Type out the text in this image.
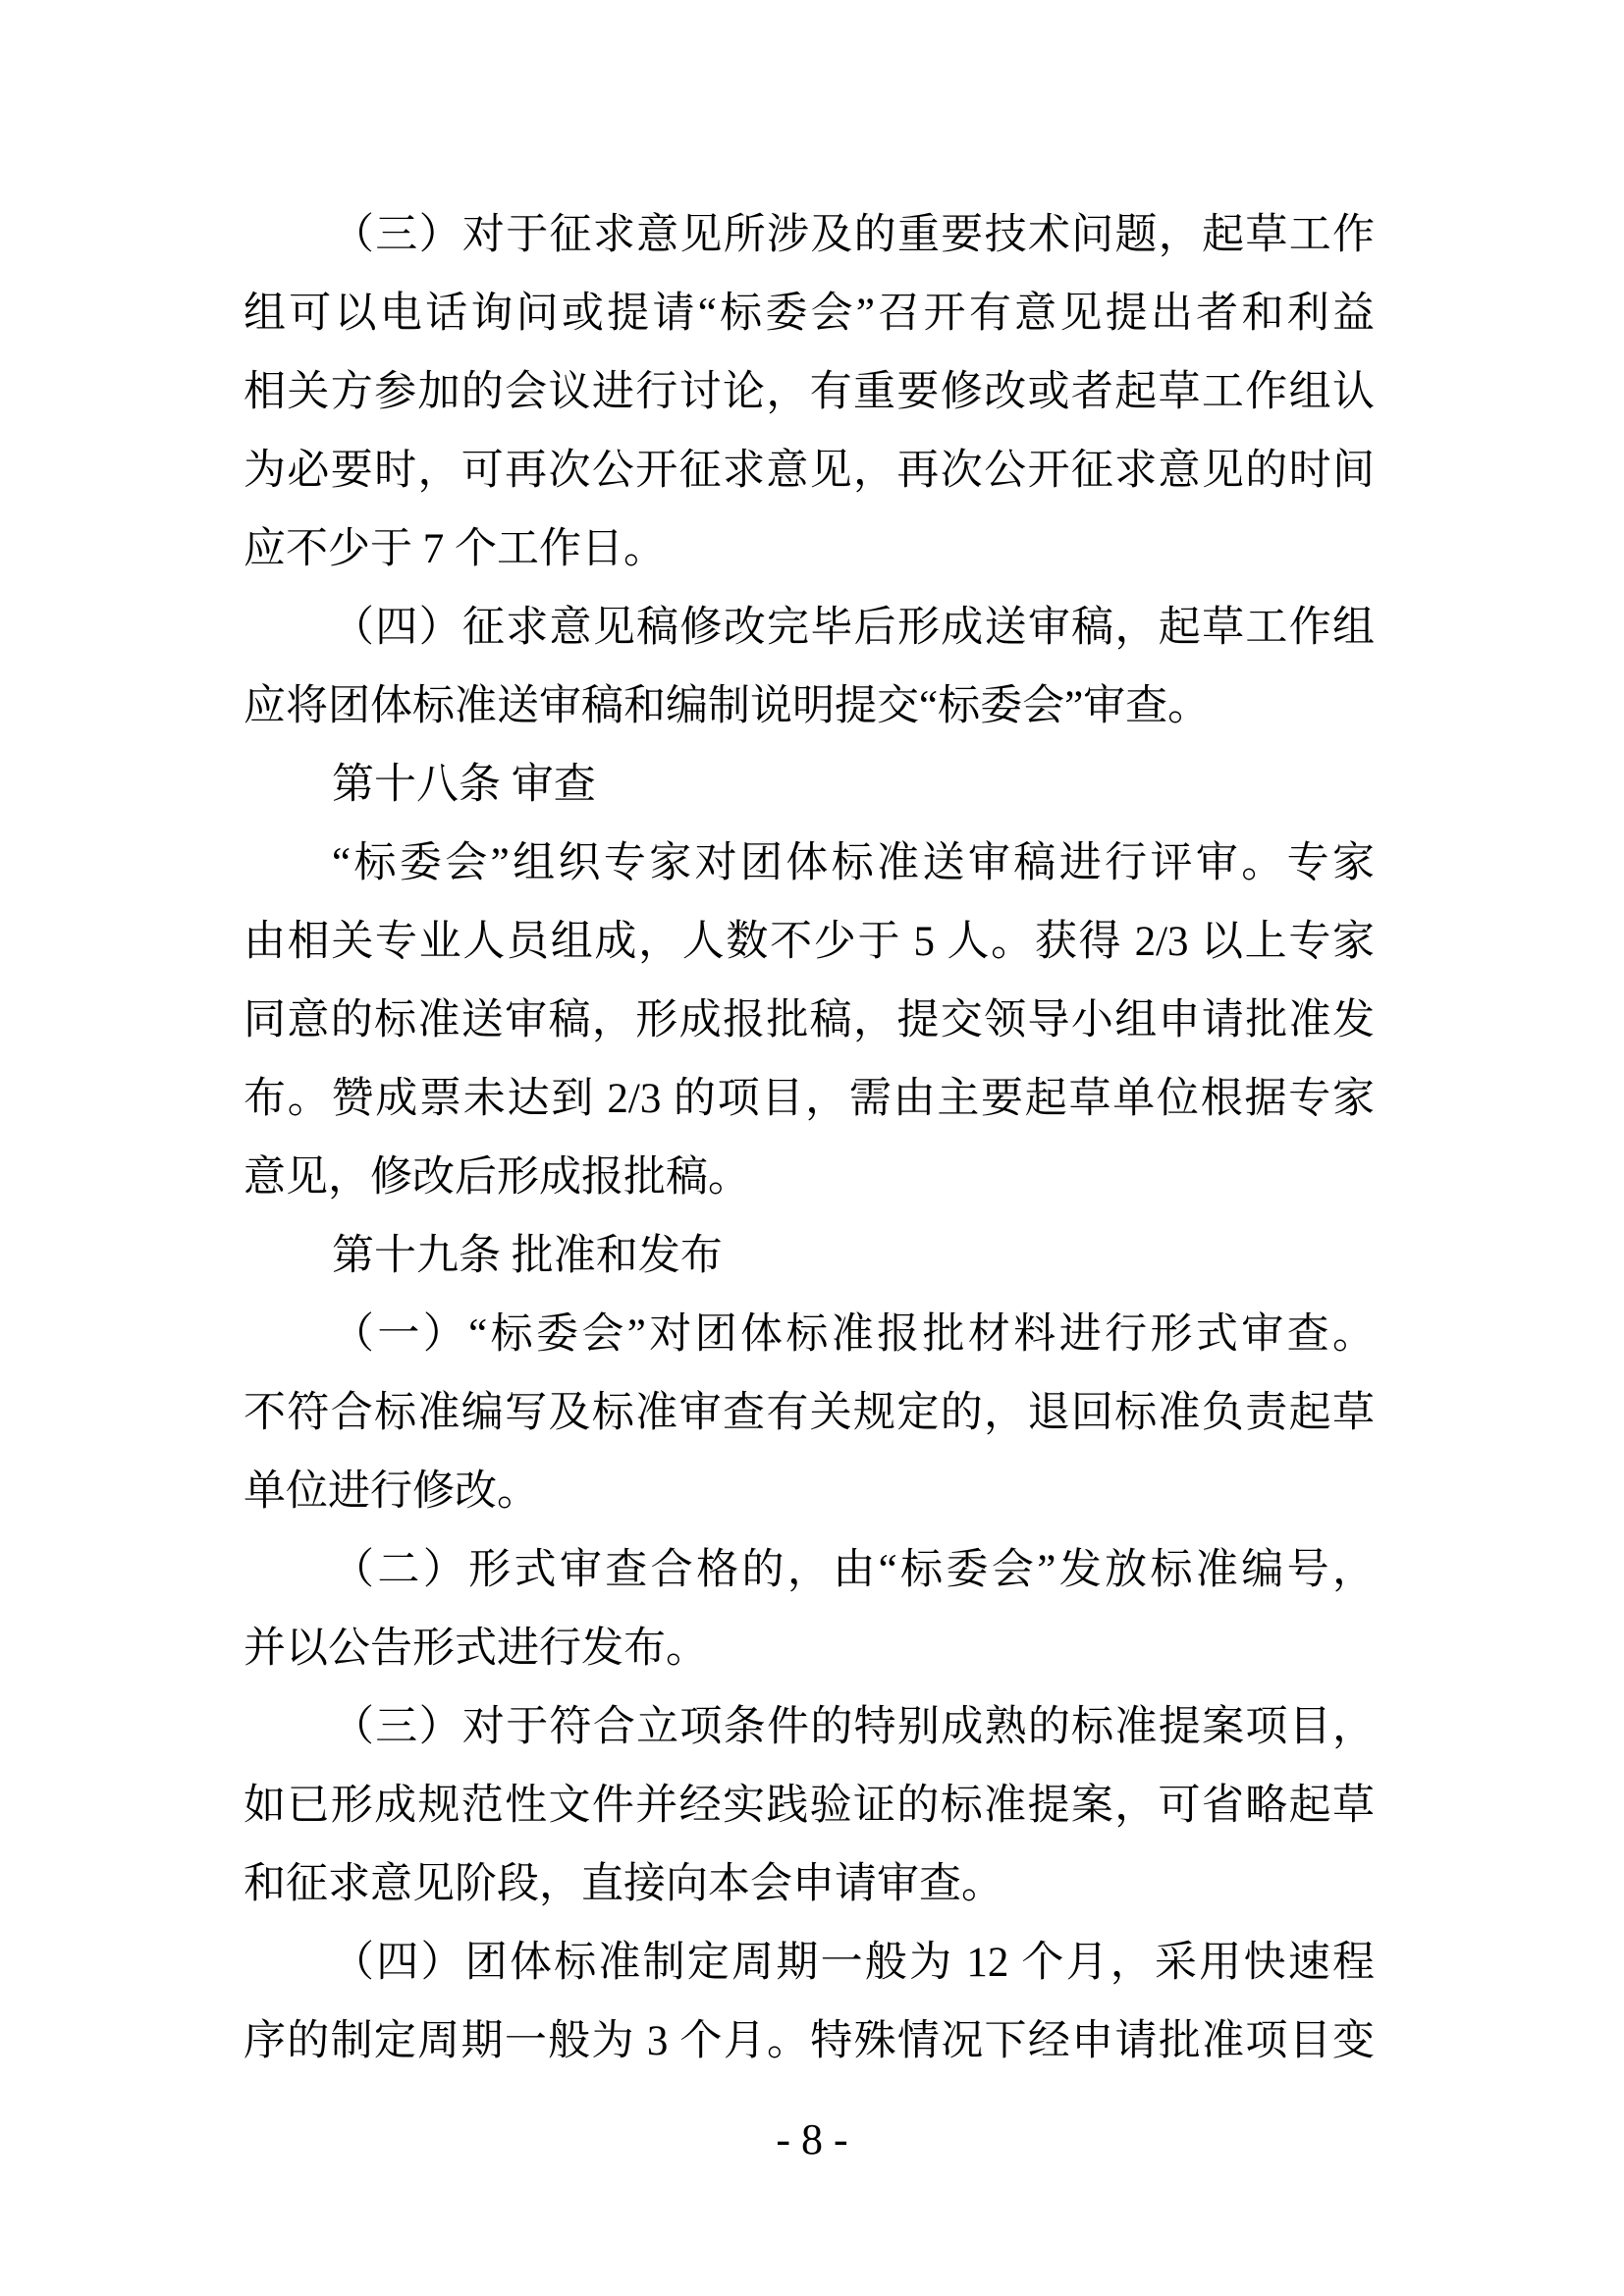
（三）对于征求意见所涉及的重要技术问题，起草工作
组可以电话询问或提请“标委会”召开有意见提出者和利益
相关方参加的会议进行讨论，有重要修改或者起草工作组认
为必要时，可再次公开征求意见，再次公开征求意见的时间
应不少于 7 个工作日。
（四）征求意见稿修改完毕后形成送审稿，起草工作组
应将团体标准送审稿和编制说明提交“标委会”审查。
第十八条 审查
“标委会”组织专家对团体标准送审稿进行评审。专家
由相关专业人员组成，人数不少于 5 人。获得 2/3 以上专家
同意的标准送审稿，形成报批稿，提交领导小组申请批准发
布。赞成票未达到 2/3 的项目，需由主要起草单位根据专家
意见，修改后形成报批稿。
第十九条 批准和发布
（一）“标委会”对团体标准报批材料进行形式审查。
不符合标准编写及标准审查有关规定的，退回标准负责起草
单位进行修改。
（二）形式审查合格的，由“标委会”发放标准编号，
并以公告形式进行发布。
（三）对于符合立项条件的特别成熟的标准提案项目，
如已形成规范性文件并经实践验证的标准提案，可省略起草
和征求意见阶段，直接向本会申请审查。
（四）团体标准制定周期一般为 12 个月，采用快速程
序的制定周期一般为 3 个月。特殊情况下经申请批准项目变
- 8 -
